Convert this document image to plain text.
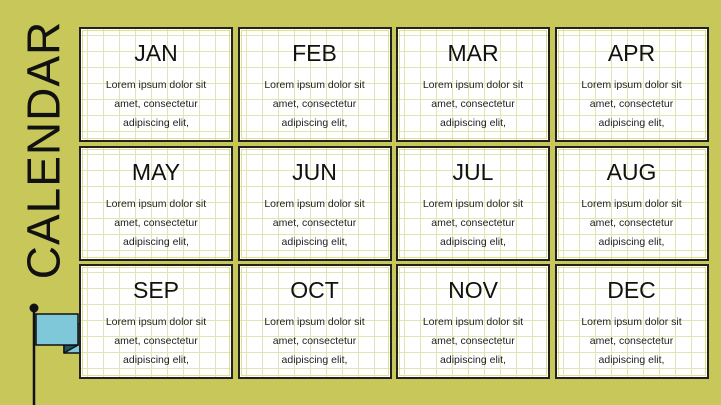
CALENDAR	JAN
Lorem ipsum dolor sit amet, consectetur adipiscing elit,
FEB
Lorem ipsum dolor sit amet, consectetur adipiscing elit,
MAR
Lorem ipsum dolor sit amet, consectetur adipiscing elit,
APR
Lorem ipsum dolor sit amet, consectetur adipiscing elit,
MAY
Lorem ipsum dolor sit amet, consectetur adipiscing elit,
JUN
Lorem ipsum dolor sit amet, consectetur adipiscing elit,
JUL
Lorem ipsum dolor sit amet, consectetur adipiscing elit,
AUG
Lorem ipsum dolor sit amet, consectetur adipiscing elit,
SEP
Lorem ipsum dolor sit amet, consectetur adipiscing elit,
OCT
Lorem ipsum dolor sit amet, consectetur adipiscing elit,
NOV
Lorem ipsum dolor sit amet, consectetur adipiscing elit,
DEC
Lorem ipsum dolor sit amet, consectetur adipiscing elit,
